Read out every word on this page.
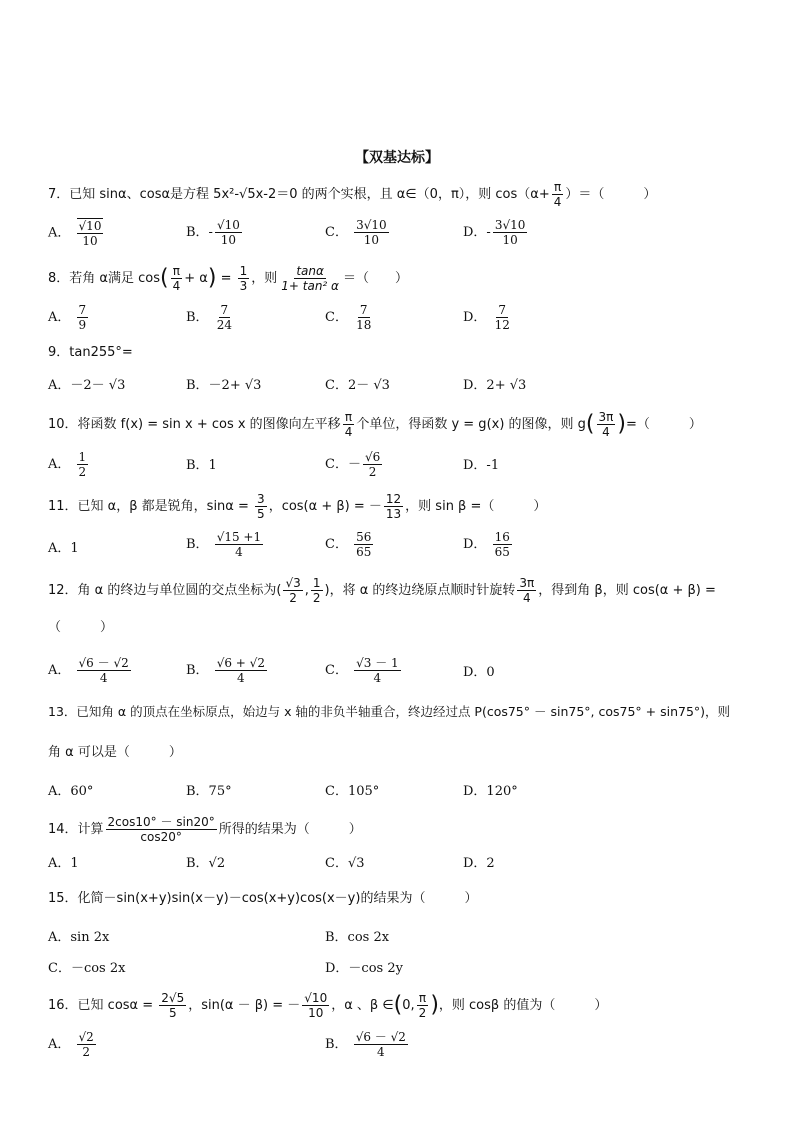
【双基达标】
7．已知 sinα、cosα是方程 5x²-√5x-2＝0 的两个实根，且 α∈（0，π），则 $\cos(\alpha+ \frac{\pi}{4}$ ）＝（　　　）
A． $\frac{√10}{10}$	B．- $\frac{√10}{10}$	C． $\frac{3√10}{10}$	D．- $\frac{3√10}{10}$
8．若角 α满足 $\cos( \frac{\pi}{4} + \alpha) = \frac{1}{3}$ ，则 $\frac{\tan\alpha}{\text{1+ tan² α}}$ ＝（　　）
A． $\frac{7}{9}$	B． $\frac{7}{24}$	C． $\frac{7}{18}$	D． $\frac{7}{12}$
9．tan255°=
A．－2－ √3	B．－2+ √3	C．2－ √3	D．2+ √3
10．将函数 f(x) = sin x + cos x 的图像向左平移 $\frac{\pi}{4}$ 个单位，得函数 y = g(x) 的图像，则 $g( \frac{3\pi}{4}$ )=（　　　）
A． $\frac{1}{2}$	B．1	C．－ $\frac{√6}{2}$	D．-1
11．已知 α，β 都是锐角，$\sin\alpha = \frac{3}{5}$ ，cos(α + β) = － $\frac{12}{13}$ ，则 sin β =（　　　）
A．1	B． $\frac{√15 +1}{4}$	C． $\frac{56}{65}$	D． $\frac{16}{65}$
12．角 α 的终边与单位圆的交点坐标为( $\frac{√3}{2}$ , $\frac{1}{2}$ )，将 α 的终边绕原点顺时针旋转 $\frac{3\pi}{4}$ ，得到角 β，则 cos(α + β) =
（　　　）
A． $\frac{√6 - √2}{4}$	B． $\frac{√6 + √2}{4}$	C． $\frac{√3 - 1}{4}$	D．0
13．已知角 α 的顶点在坐标原点，始边与 x 轴的非负半轴重合，终边经过点 P(cos75° － sin75°, cos75° + sin75°)，则
角 α 可以是（　　　）
A．60°	B．75°	C．105°	D．120°
14．计算 $\frac{2\cos 10^\circ - \sin 20^\circ}{\cos 20^\circ}$ 所得的结果为（　　　）
A．1	B．√2	C．√3	D．2
15．化简－sin(x+y)sin(x－y)－cos(x+y)cos(x－y)的结果为（　　　）
A．sin 2x	B．cos 2x
C．－cos 2x	D．－cos 2y
16．已知 $\cos\alpha = \frac{2√5}{5}$ ，sin(α － β) = － $\frac{√10}{10}$ ，α 、β ∈(0, $\frac{\pi}{2}$ )，则 cosβ 的值为（　　　）
A． $\frac{√2}{2}$	B． $\frac{√6 - √2}{4}$
